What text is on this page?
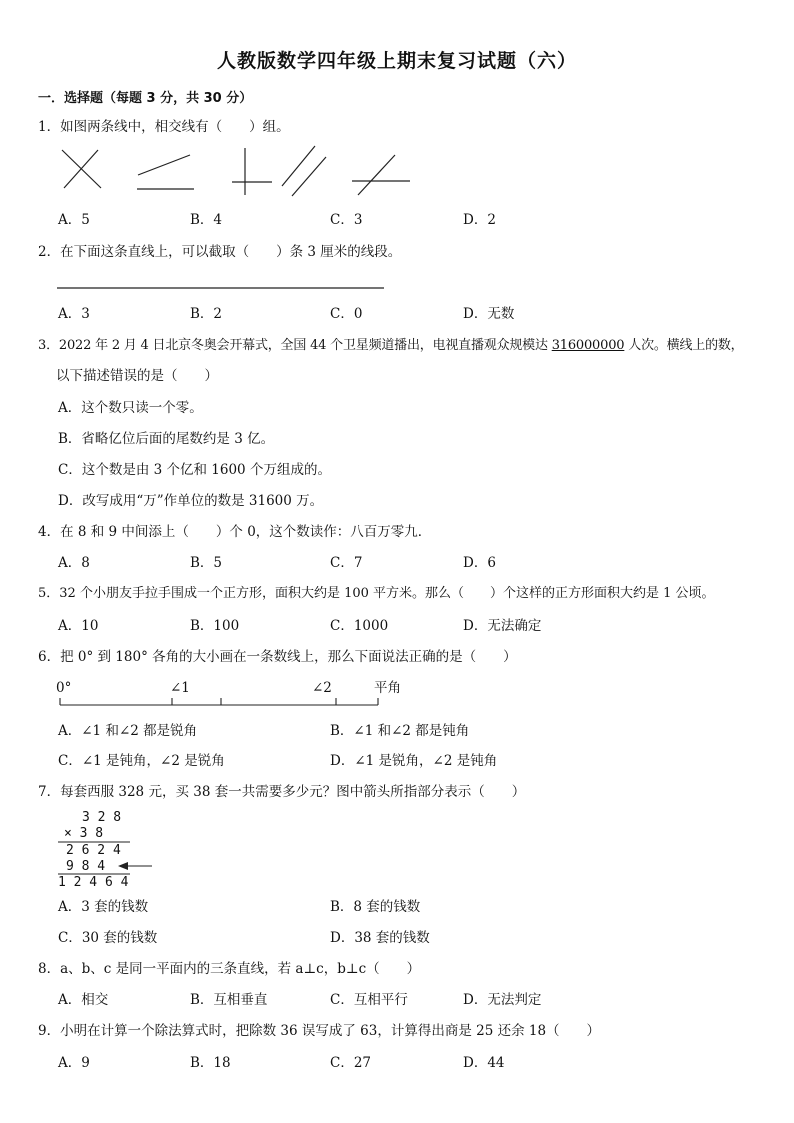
人教版数学四年级上期末复习试题（六）
一．选择题（每题 3 分，共 30 分）
1．如图两条线中，相交线有（　　）组。
A．5	B．4	C．3	D．2
2．在下面这条直线上，可以截取（　　）条 3 厘米的线段。
A．3	B．2	C．0	D．无数
3．2022 年 2 月 4 日北京冬奥会开幕式，全国 44 个卫星频道播出，电视直播观众规模达 316000000 人次。横线上的数，
以下描述错误的是（　　）
A．这个数只读一个零。
B．省略亿位后面的尾数约是 3 亿。
C．这个数是由 3 个亿和 1600 个万组成的。
D．改写成用“万”作单位的数是 31600 万。
4．在 8 和 9 中间添上（　　）个 0，这个数读作：八百万零九．
A．8	B．5	C．7	D．6
5．32 个小朋友手拉手围成一个正方形，面积大约是 100 平方米。那么（　　）个这样的正方形面积大约是 1 公顷。
A．10	B．100	C．1000	D．无法确定
6．把 0° 到 180° 各角的大小画在一条数线上，那么下面说法正确的是（　　）
0°	∠1	∠2	平角
A．∠1 和∠2 都是锐角	B．∠1 和∠2 都是钝角
C．∠1 是钝角，∠2 是锐角	D．∠1 是锐角，∠2 是钝角
7．每套西服 328 元，买 38 套一共需要多少元？图中箭头所指部分表示（　　）
3 2 8
× 3 8
2 6 2 4
9 8 4
1 2 4 6 4
A．3 套的钱数	B．8 套的钱数
C．30 套的钱数	D．38 套的钱数
8．a、b、c 是同一平面内的三条直线，若 a⊥c，b⊥c（　　）
A．相交	B．互相垂直	C．互相平行	D．无法判定
9．小明在计算一个除法算式时，把除数 36 误写成了 63，计算得出商是 25 还余 18（　　）
A．9	B．18	C．27	D．44
